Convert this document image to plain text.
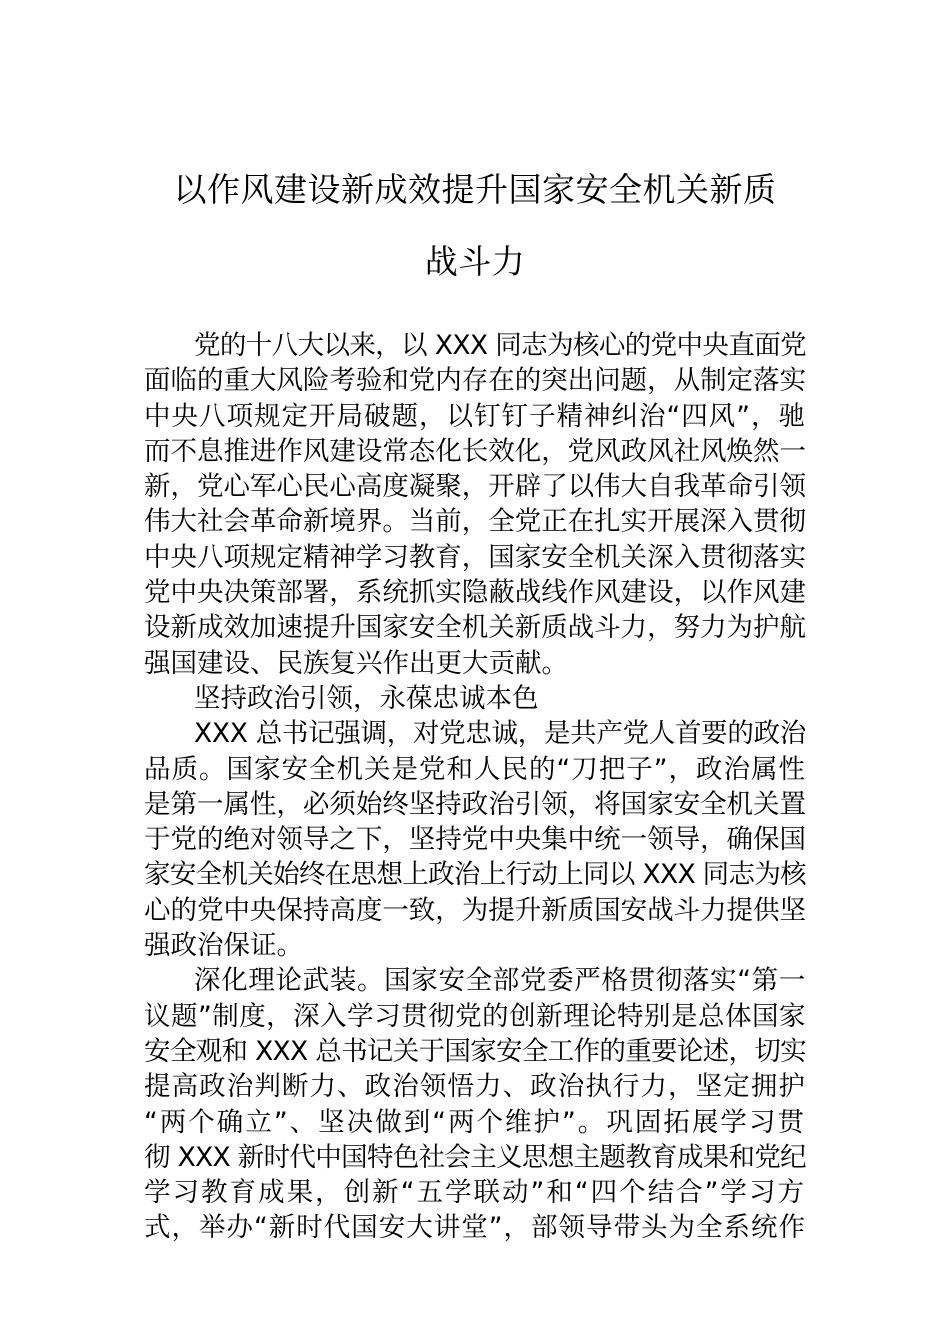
以作风建设新成效提升国家安全机关新质
战斗力
党的十八大以来，以 XXX 同志为核心的党中央直面党
面临的重大风险考验和党内存在的突出问题，从制定落实
中央八项规定开局破题，以钉钉子精神纠治“四风”，驰
而不息推进作风建设常态化长效化，党风政风社风焕然一
新，党心军心民心高度凝聚，开辟了以伟大自我革命引领
伟大社会革命新境界。当前，全党正在扎实开展深入贯彻
中央八项规定精神学习教育，国家安全机关深入贯彻落实
党中央决策部署，系统抓实隐蔽战线作风建设，以作风建
设新成效加速提升国家安全机关新质战斗力，努力为护航
强国建设、民族复兴作出更大贡献。
坚持政治引领，永葆忠诚本色
XXX 总书记强调，对党忠诚，是共产党人首要的政治
品质。国家安全机关是党和人民的“刀把子”，政治属性
是第一属性，必须始终坚持政治引领，将国家安全机关置
于党的绝对领导之下，坚持党中央集中统一领导，确保国
家安全机关始终在思想上政治上行动上同以 XXX 同志为核
心的党中央保持高度一致，为提升新质国安战斗力提供坚
强政治保证。
深化理论武装。国家安全部党委严格贯彻落实“第一
议题”制度，深入学习贯彻党的创新理论特别是总体国家
安全观和 XXX 总书记关于国家安全工作的重要论述，切实
提高政治判断力、政治领悟力、政治执行力，坚定拥护
“两个确立”、坚决做到“两个维护”。巩固拓展学习贯
彻 XXX 新时代中国特色社会主义思想主题教育成果和党纪
学习教育成果，创新“五学联动”和“四个结合”学习方
式，举办“新时代国安大讲堂”，部领导带头为全系统作
